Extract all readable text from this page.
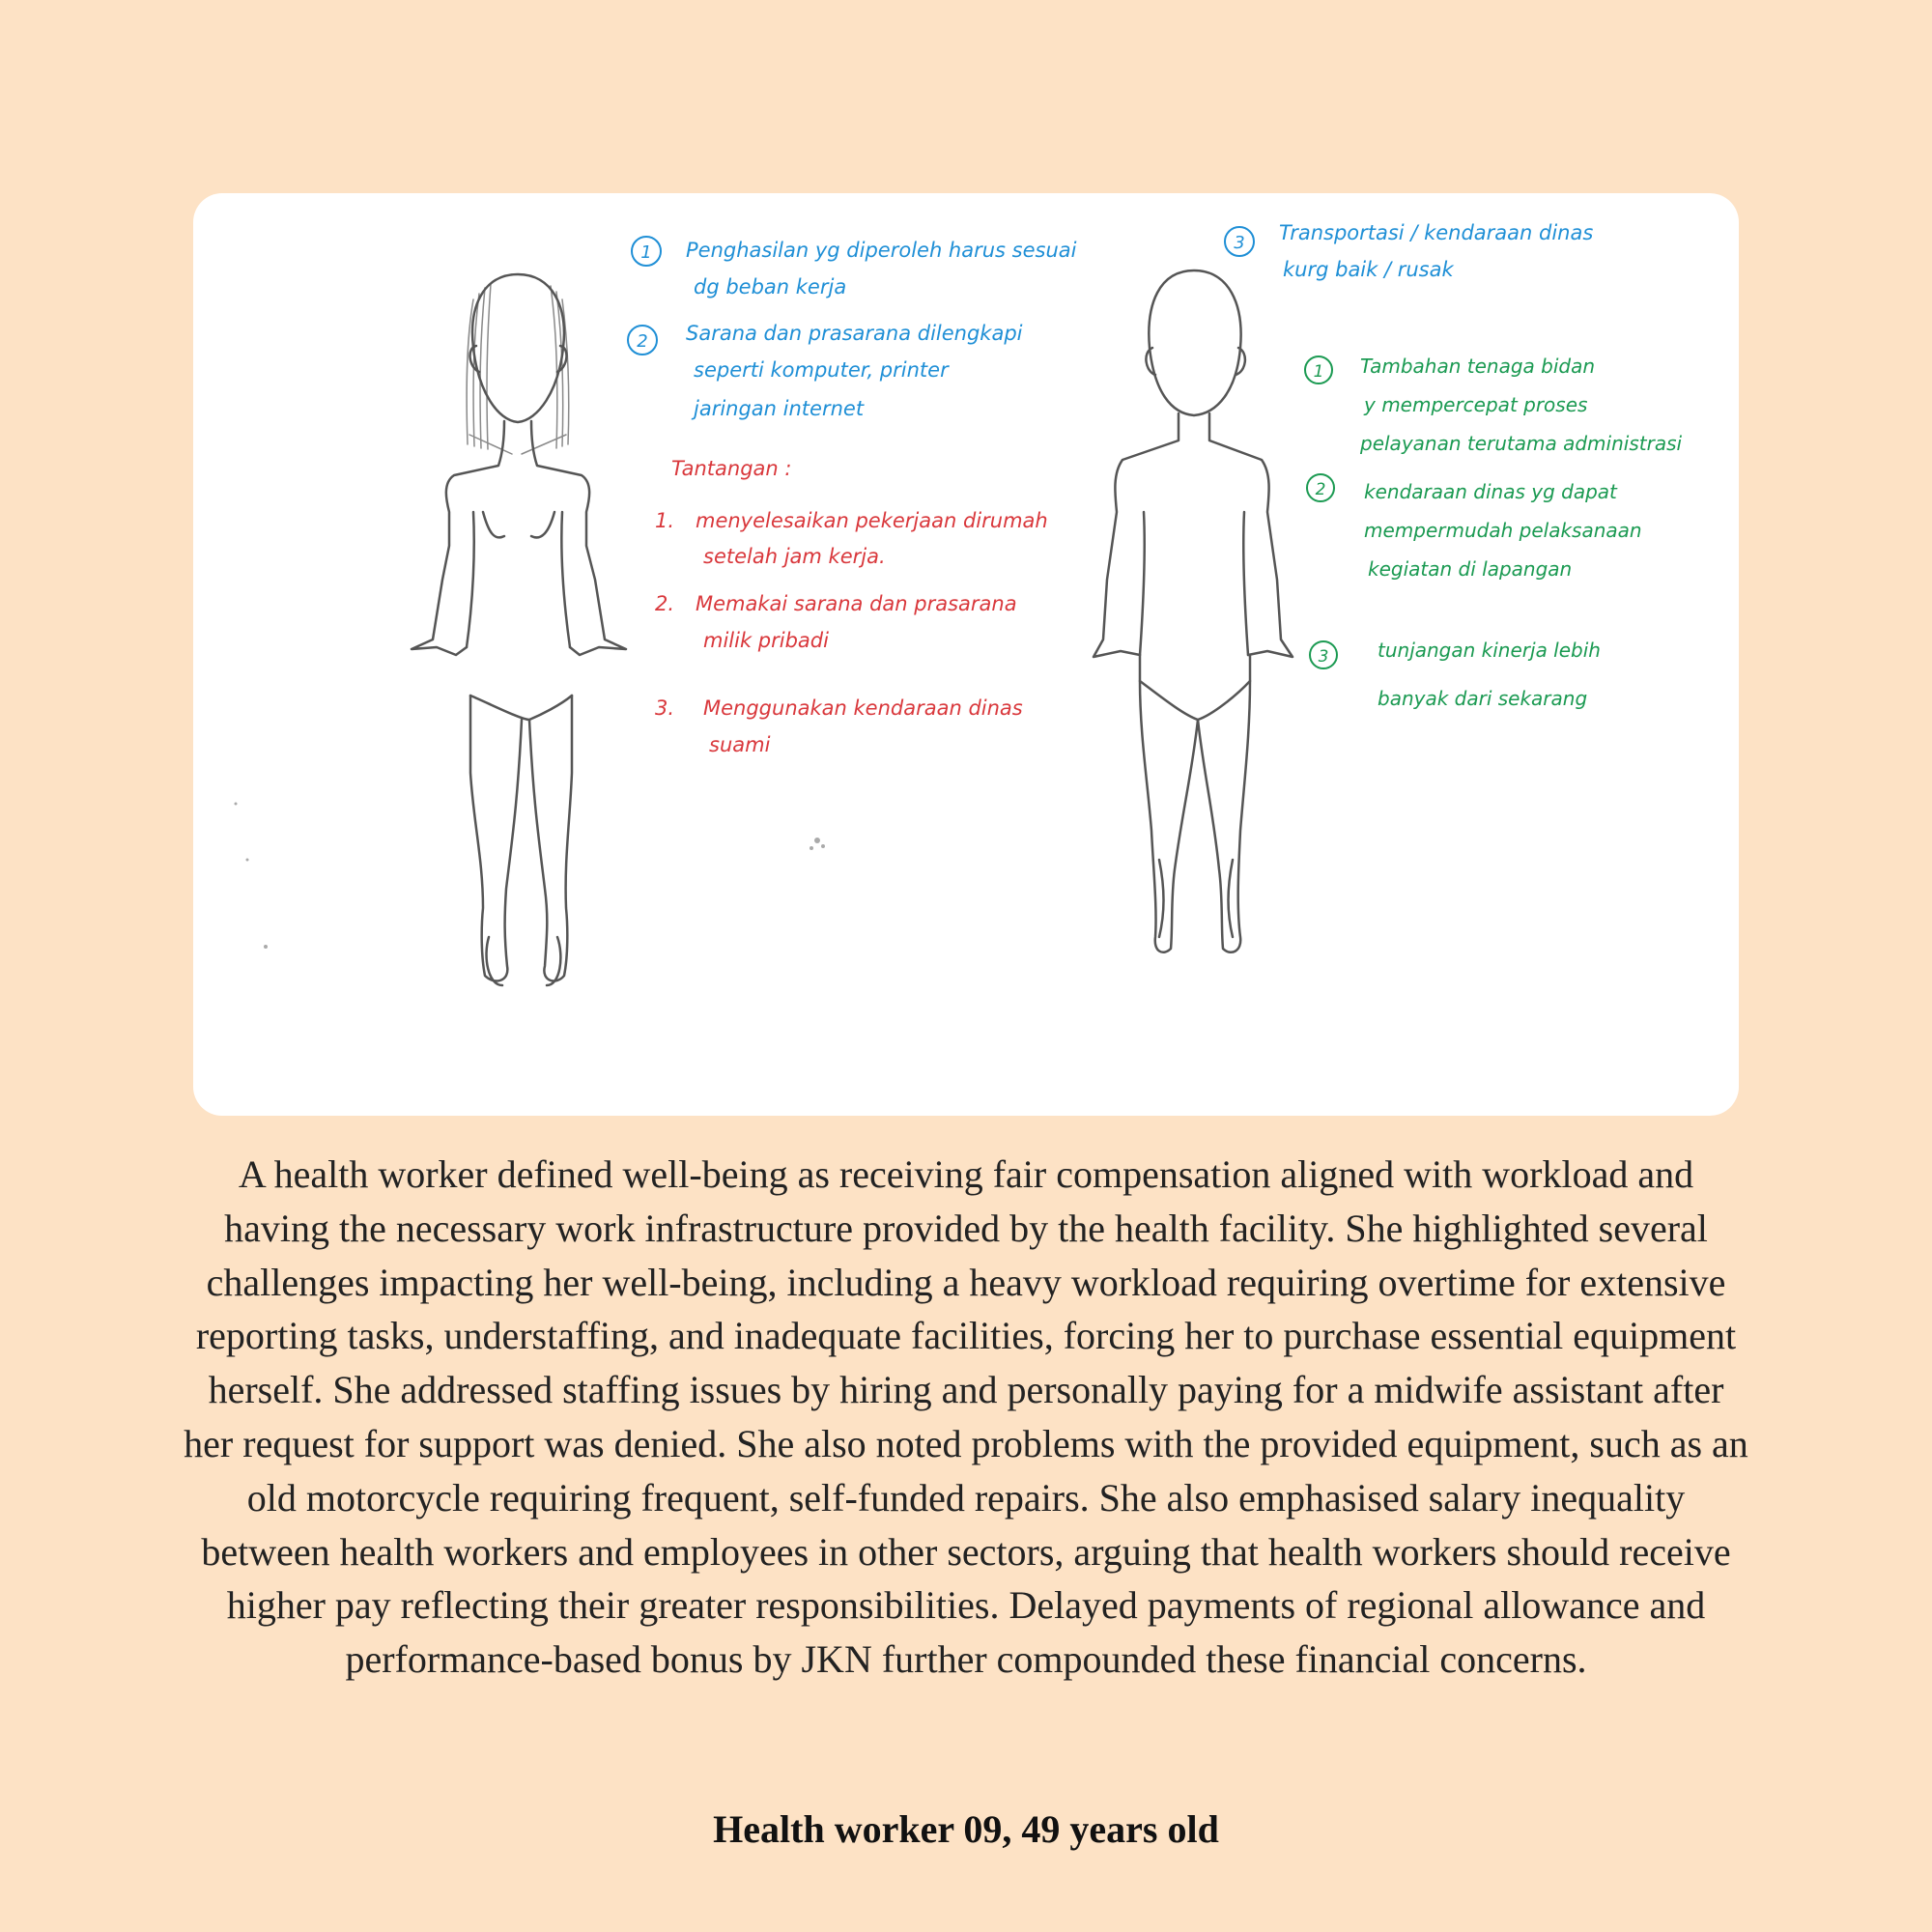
1 Penghasilan yg diperoleh harus sesuai
dg beban kerja
2 Sarana dan prasarana dilengkapi
seperti komputer, printer
jaringan internet
3 Transportasi / kendaraan dinas
kurg baik / rusak
Tantangan :
1. menyelesaikan pekerjaan dirumah
setelah jam kerja.
2. Memakai sarana dan prasarana
milik pribadi
3. Menggunakan kendaraan dinas
suami
1 Tambahan tenaga bidan
y mempercepat proses
pelayanan terutama administrasi
2 kendaraan dinas yg dapat
mempermudah pelaksanaan
kegiatan di lapangan
3	tunjangan kinerja lebih
banyak dari sekarang
A health worker defined well-being as receiving fair compensation aligned with workload and having the necessary work infrastructure provided by the health facility. She highlighted several challenges impacting her well-being, including a heavy workload requiring overtime for extensive reporting tasks, understaffing, and inadequate facilities, forcing her to purchase essential equipment herself. She addressed staffing issues by hiring and personally paying for a midwife assistant after her request for support was denied. She also noted problems with the provided equipment, such as an old motorcycle requiring frequent, self-funded repairs. She also emphasised salary inequality between health workers and employees in other sectors, arguing that health workers should receive higher pay reflecting their greater responsibilities. Delayed payments of regional allowance and performance-based bonus by JKN further compounded these financial concerns.
Health worker 09, 49 years old
